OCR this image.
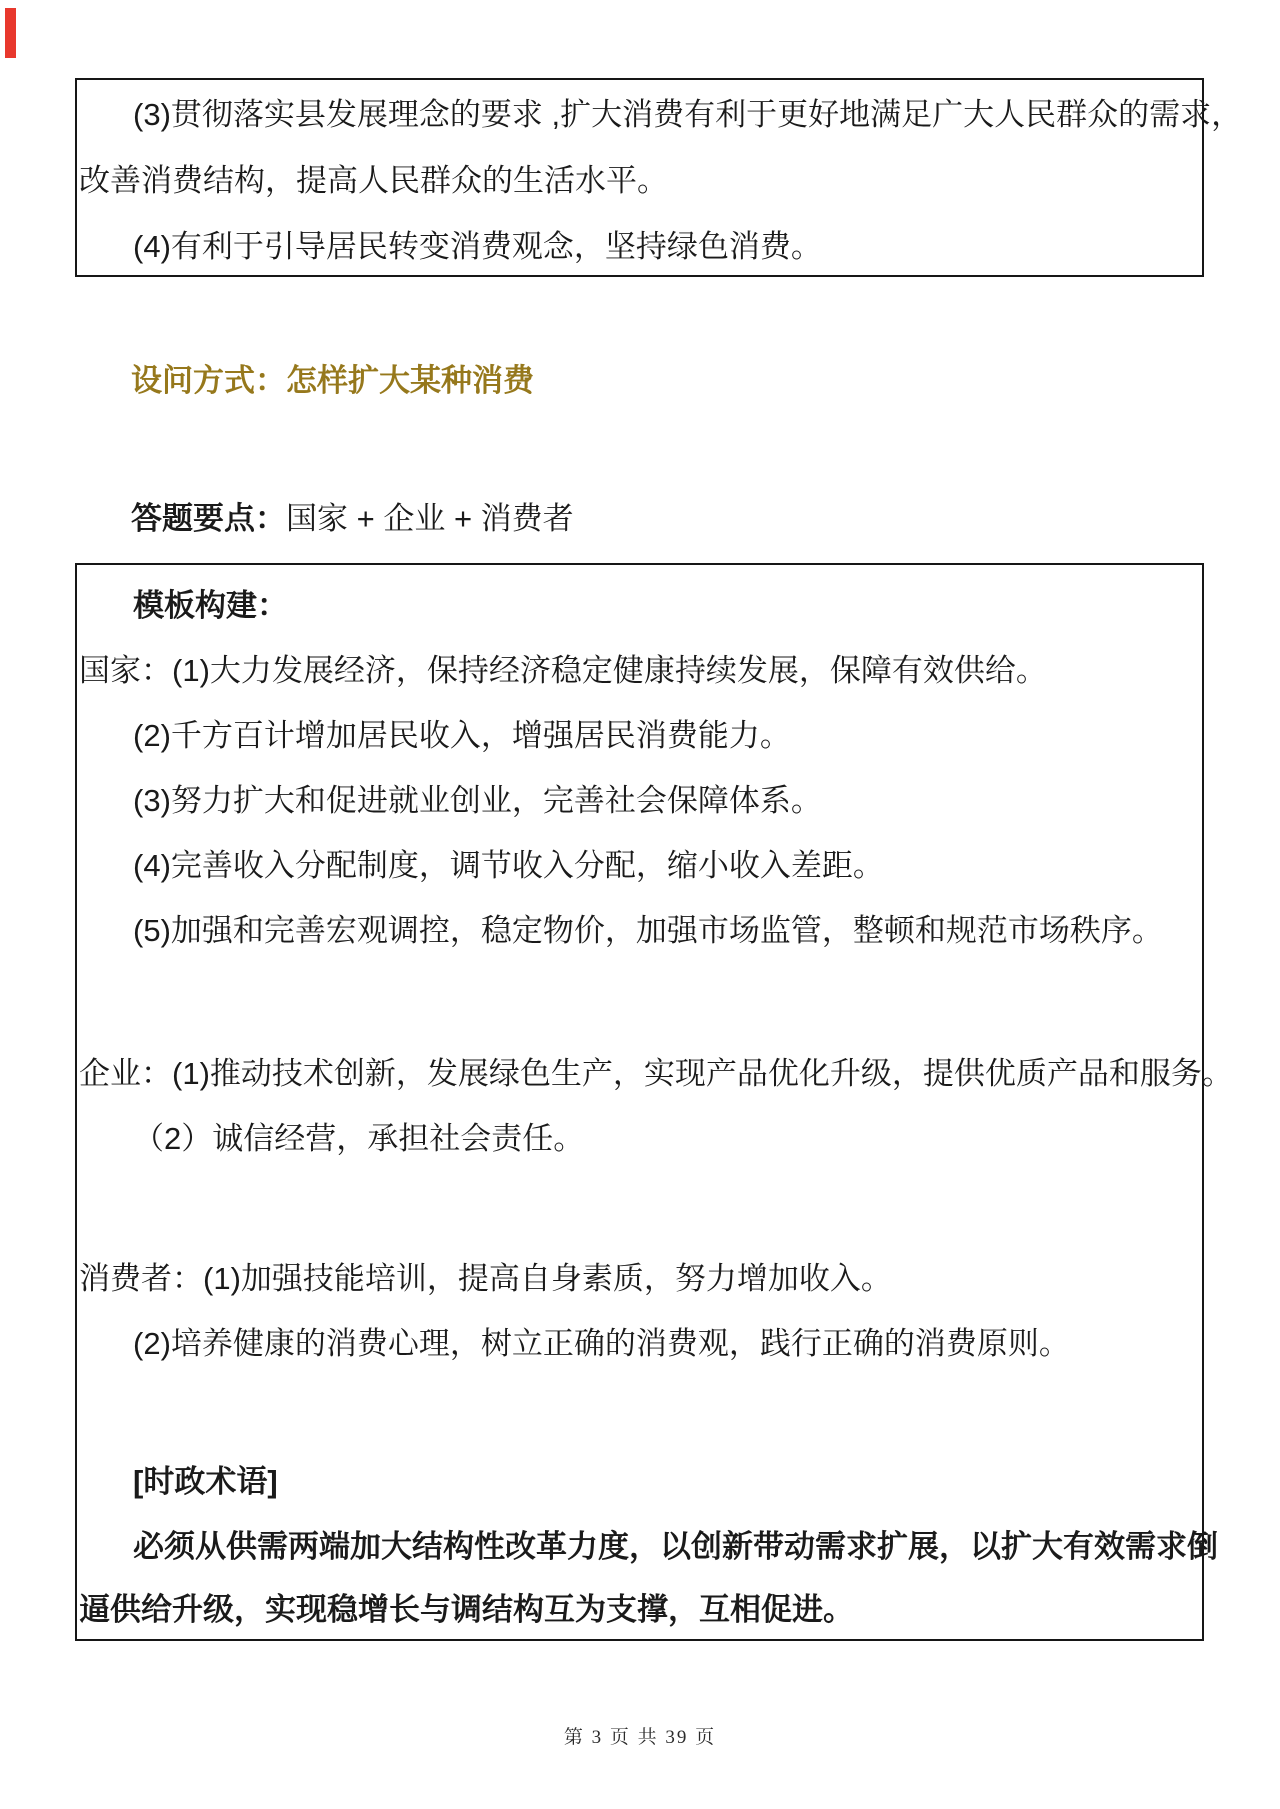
(3)贯彻落实县发展理念的要求 ,扩大消费有利于更好地满足广大人民群众的需求，
改善消费结构，提高人民群众的生活水平。
(4)有利于引导居民转变消费观念，坚持绿色消费。
设问方式：怎样扩大某种消费
答题要点：国家 + 企业 + 消费者
模板构建：
国家：(1)大力发展经济，保持经济稳定健康持续发展，保障有效供给。
(2)千方百计增加居民收入，增强居民消费能力。
(3)努力扩大和促进就业创业，完善社会保障体系。
(4)完善收入分配制度，调节收入分配，缩小收入差距。
(5)加强和完善宏观调控，稳定物价，加强市场监管，整顿和规范市场秩序。
企业：(1)推动技术创新，发展绿色生产，实现产品优化升级，提供优质产品和服务。
（2）诚信经营，承担社会责任。
消费者：(1)加强技能培训，提高自身素质，努力增加收入。
(2)培养健康的消费心理，树立正确的消费观，践行正确的消费原则。
[时政术语]
必须从供需两端加大结构性改革力度，以创新带动需求扩展，以扩大有效需求倒
逼供给升级，实现稳增长与调结构互为支撑，互相促进。
第 3 页 共 39 页
